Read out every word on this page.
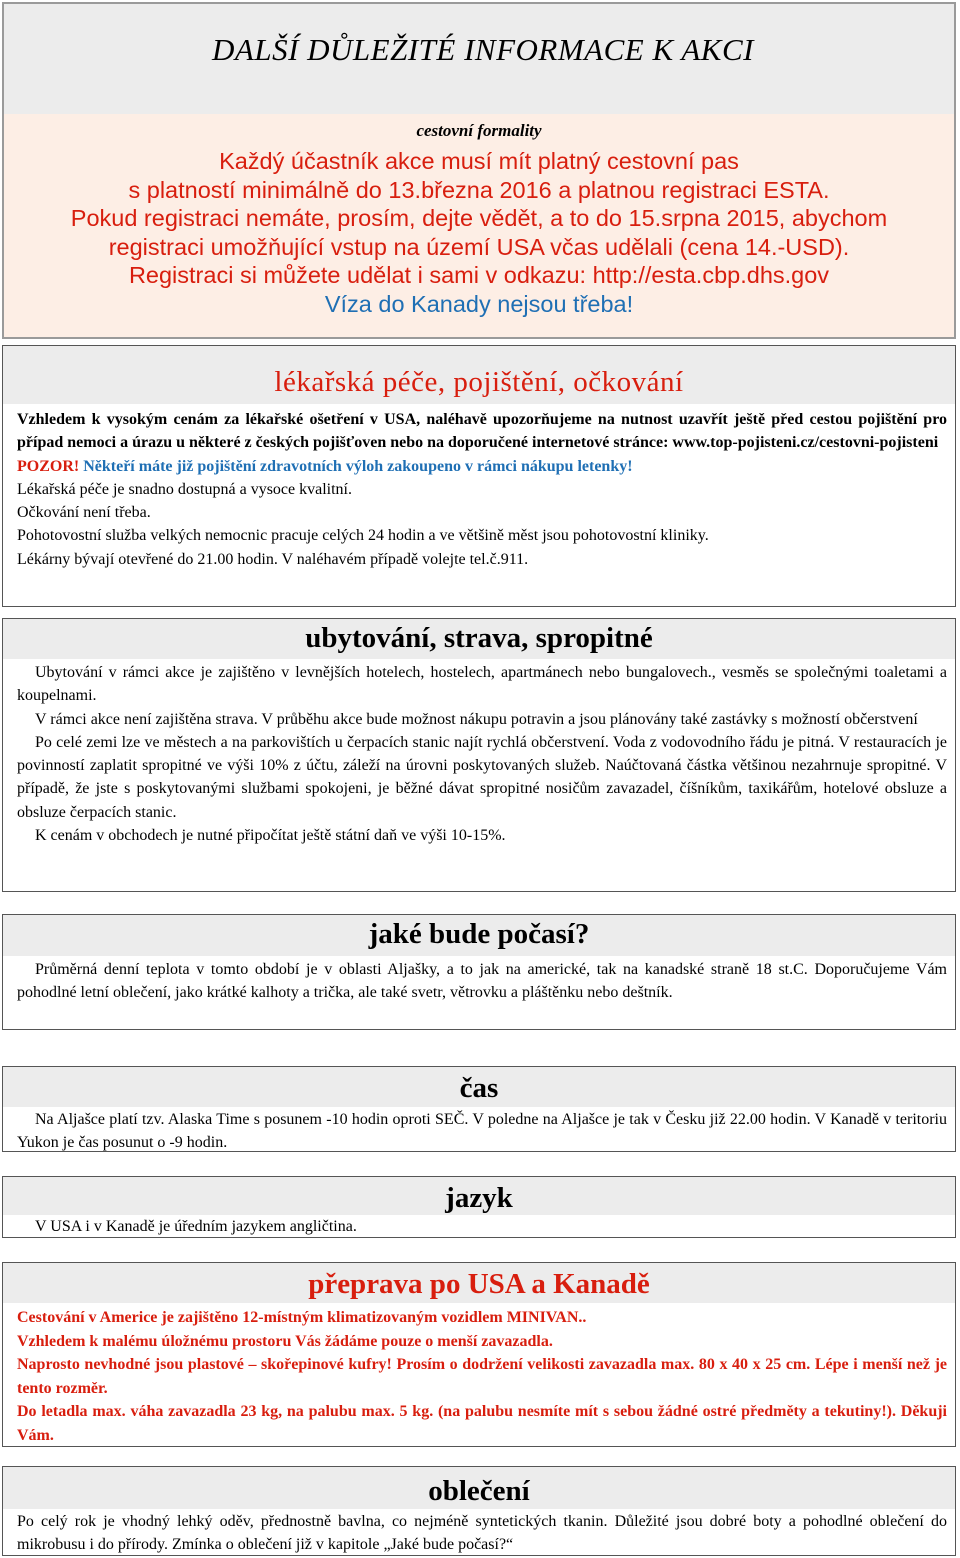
DALŠÍ DŮLEŽITÉ INFORMACE K AKCI
cestovní formality
Každý účastník akce musí mít platný cestovní pas
s platností minimálně do 13.března 2016 a platnou registraci ESTA.
Pokud registraci nemáte, prosím, dejte vědět, a to do 15.srpna 2015, abychom
registraci umožňující vstup na území USA včas udělali (cena 14.-USD).
Registraci si můžete udělat i sami v odkazu: http://esta.cbp.dhs.gov
Víza do Kanady nejsou třeba!
lékařská péče, pojištění, očkování

Vzhledem k vysokým cenám za lékařské ošetření v USA, naléhavě upozorňujeme na nutnost uzavřít ještě před cestou pojištění pro případ nemoci a úrazu u některé z českých pojišťoven nebo na doporučené internetové stránce: www.top-pojisteni.cz/cestovni-pojisteni

POZOR! Někteří máte již pojištění zdravotních výloh zakoupeno v rámci nákupu letenky!

Lékařská péče je snadno dostupná a vysoce kvalitní.

Očkování není třeba.

Pohotovostní služba velkých nemocnic pracuje celých 24 hodin a ve většině měst jsou pohotovostní kliniky.

Lékárny bývají otevřené do 21.00 hodin. V naléhavém případě volejte tel.č.911.

ubytování, strava, spropitné

Ubytování v rámci akce je zajištěno v levnějších hotelech, hostelech, apartmánech nebo bungalovech., vesměs se společnými toaletami a koupelnami.

V rámci akce není zajištěna strava. V průběhu akce bude možnost nákupu potravin a jsou plánovány také zastávky s možností občerstvení

Po celé zemi lze ve městech a na parkovištích u čerpacích stanic najít rychlá občerstvení. Voda z vodovodního řádu je pitná. V restauracích je povinností zaplatit spropitné ve výši 10% z účtu, záleží na úrovni poskytovaných služeb. Naúčtovaná částka většinou nezahrnuje spropitné. V případě, že jste s poskytovanými službami spokojeni, je běžné dávat spropitné nosičům zavazadel, číšníkům, taxikářům, hotelové obsluze a obsluze čerpacích stanic.

K cenám v obchodech je nutné připočítat ještě státní daň ve výši 10-15%.

jaké bude počasí?

Průměrná denní teplota v tomto období je v oblasti Aljašky, a to jak na americké, tak na kanadské straně 18 st.C. Doporučujeme Vám pohodlné letní oblečení, jako krátké kalhoty a trička, ale také svetr, větrovku a pláštěnku nebo deštník.

čas

Na Aljašce platí tzv. Alaska Time s posunem -10 hodin oproti SEČ. V poledne na Aljašce je tak v Česku již 22.00 hodin. V Kanadě v teritoriu Yukon je čas posunut o -9 hodin.

jazyk

V USA i v Kanadě je úředním jazykem angličtina.

přeprava po USA a Kanadě

Cestování v Americe je zajištěno 12-místným klimatizovaným vozidlem MINIVAN..

Vzhledem k malému úložnému prostoru Vás žádáme pouze o menší zavazadla.

Naprosto nevhodné jsou plastové – skořepinové kufry! Prosím o dodržení velikosti zavazadla max. 80 x 40 x 25 cm. Lépe i menší než je tento rozměr.

Do letadla max. váha zavazadla 23 kg, na palubu max. 5 kg. (na palubu nesmíte mít s sebou žádné ostré předměty a tekutiny!). Děkuji Vám.

oblečení

Po celý rok je vhodný lehký oděv, přednostně bavlna, co nejméně syntetických tkanin. Důležité jsou dobré boty a pohodlné oblečení do mikrobusu i do přírody. Zmínka o oblečení již v kapitole „Jaké bude počasí?“
